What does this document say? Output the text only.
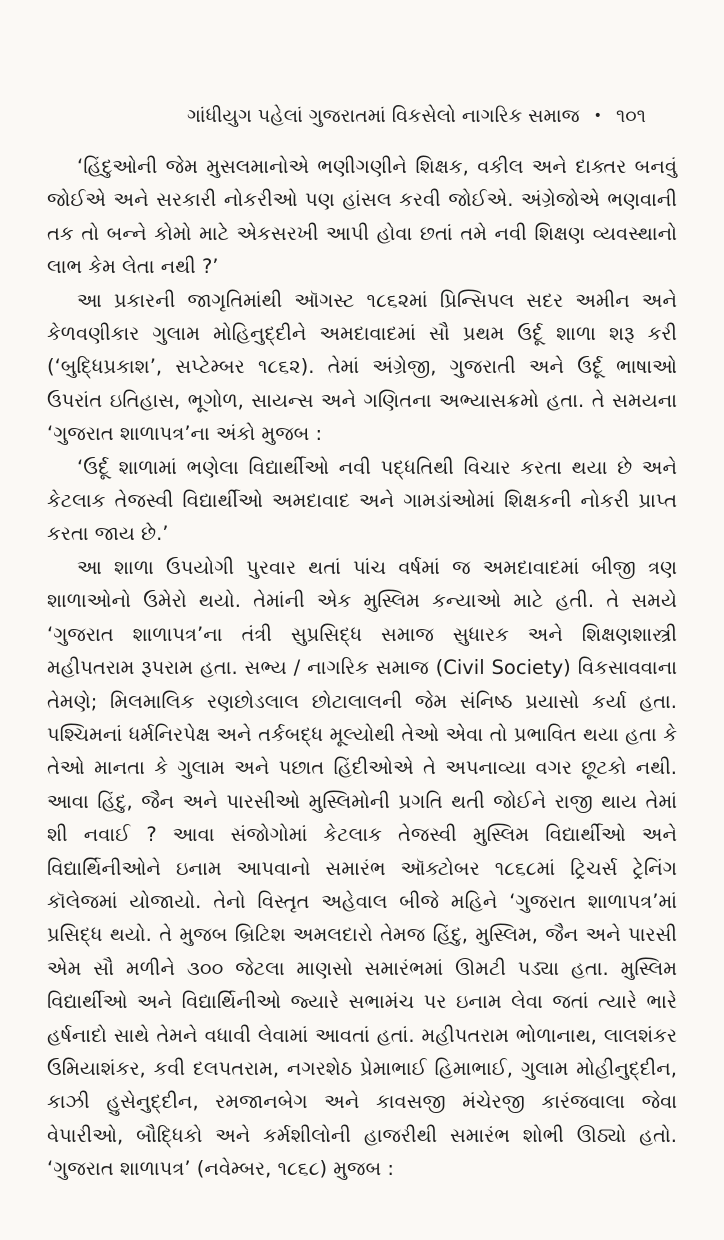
ગાંધીયુગ પહેલાં ગુજરાતમાં વિકસેલો નાગરિક સમાજ • ૧૦૧

‘હિંદુઓની જેમ મુસલમાનોએ ભણીગણીને શિક્ષક, વકીલ અને દાક્તર બનવું જોઈએ અને સરકારી નોકરીઓ પણ હાંસલ કરવી જોઈએ. અંગ્રેજોએ ભણવાની તક તો બન્ને કોમો માટે એકસરખી આપી હોવા છતાં તમે નવી શિક્ષણ વ્યવસ્થાનો લાભ કેમ લેતા નથી ?’

આ પ્રકારની જાગૃતિમાંથી ઑગસ્ટ ૧૮૬૨માં પ્રિન્સિપલ સદર અમીન અને કેળવણીકાર ગુલામ મોહિનુદ્દીને અમદાવાદમાં સૌ પ્રથમ ઉર્દૂ શાળા શરૂ કરી (‘બુદ્ધિપ્રકાશ’, સપ્ટેમ્બર ૧૮૬૨). તેમાં અંગ્રેજી, ગુજરાતી અને ઉર્દૂ ભાષાઓ ઉપરાંત ઇતિહાસ, ભૂગોળ, સાયન્સ અને ગણિતના અભ્યાસક્રમો હતા. તે સમયના ‘ગુજરાત શાળાપત્ર’ના અંકો મુજબ :

‘ઉર્દૂ શાળામાં ભણેલા વિદ્યાર્થીઓ નવી પદ્ધતિથી વિચાર કરતા થયા છે અને કેટલાક તેજસ્વી વિદ્યાર્થીઓ અમદાવાદ અને ગામડાંઓમાં શિક્ષકની નોકરી પ્રાપ્ત કરતા જાય છે.’

આ શાળા ઉપયોગી પુરવાર થતાં પાંચ વર્ષમાં જ અમદાવાદમાં બીજી ત્રણ શાળાઓનો ઉમેરો થયો. તેમાંની એક મુસ્લિમ કન્યાઓ માટે હતી. તે સમયે ‘ગુજરાત શાળાપત્ર’ના તંત્રી સુપ્રસિદ્ધ સમાજ સુધારક અને શિક્ષણશાસ્ત્રી મહીપતરામ રૂપરામ હતા. સભ્ય / નાગરિક સમાજ (Civil Society) વિકસાવવાના તેમણે; મિલમાલિક રણછોડલાલ છોટાલાલની જેમ સંનિષ્ઠ પ્રયાસો કર્યા હતા. પશ્ચિમનાં ધર્મનિરપેક્ષ અને તર્કબદ્ધ મૂલ્યોથી તેઓ એવા તો પ્રભાવિત થયા હતા કે તેઓ માનતા કે ગુલામ અને પછાત હિંદીઓએ તે અપનાવ્યા વગર છૂટકો નથી. આવા હિંદુ, જૈન અને પારસીઓ મુસ્લિમોની પ્રગતિ થતી જોઈને રાજી થાય તેમાં શી નવાઈ ? આવા સંજોગોમાં કેટલાક તેજસ્વી મુસ્લિમ વિદ્યાર્થીઓ અને વિદ્યાર્થિનીઓને ઇનામ આપવાનો સમારંભ ઑક્ટોબર ૧૮૬૮માં ટ્રિચર્સ ટ્રેનિંગ કૉલેજમાં યોજાયો. તેનો વિસ્તૃત અહેવાલ બીજે મહિને ‘ગુજરાત શાળાપત્ર’માં પ્રસિદ્ધ થયો. તે મુજબ બ્રિટિશ અમલદારો તેમજ હિંદુ, મુસ્લિમ, જૈન અને પારસી એમ સૌ મળીને ૩૦૦ જેટલા માણસો સમારંભમાં ઊમટી પડ્યા હતા. મુસ્લિમ વિદ્યાર્થીઓ અને વિદ્યાર્થિનીઓ જ્યારે સભામંચ પર ઇનામ લેવા જતાં ત્યારે ભારે હર્ષનાદો સાથે તેમને વધાવી લેવામાં આવતાં હતાં. મહીપતરામ ભોળાનાથ, લાલશંકર ઉમિયાશંકર, કવી દલપતરામ, નગરશેઠ પ્રેમાભાઈ હિમાભાઈ, ગુલામ મોહીનુદ્દીન, કાઝી હુસેનુદ્દીન, રમજાનબેગ અને કાવસજી મંચેરજી કારંજવાલા જેવા વેપારીઓ, બૌદ્ધિકો અને કર્મશીલોની હાજરીથી સમારંભ શોભી ઊઠ્યો હતો. ‘ગુજરાત શાળાપત્ર’ (નવેમ્બર, ૧૮૬૮) મુજબ :
